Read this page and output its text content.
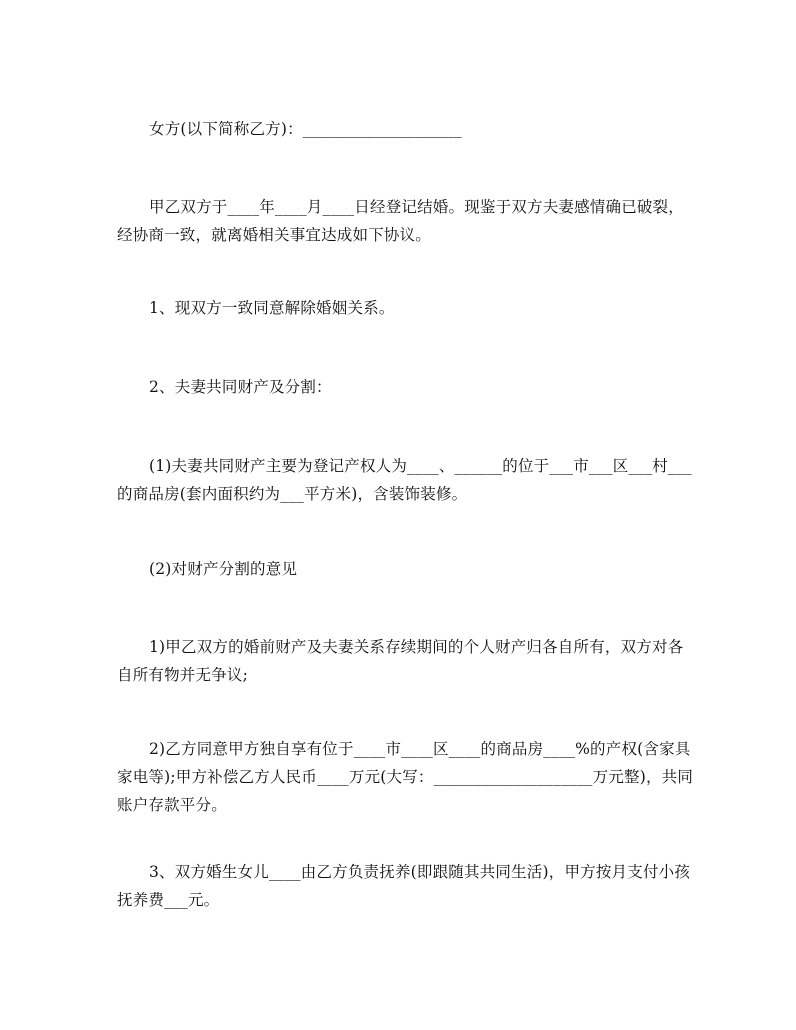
女方(以下简称乙方)：____________________
甲乙双方于____年____月____日经登记结婚。现鉴于双方夫妻感情确已破裂，经协商一致，就离婚相关事宜达成如下协议。
1、现双方一致同意解除婚姻关系。
2、夫妻共同财产及分割：
(1)夫妻共同财产主要为登记产权人为____、______的位于___市___区___村___的商品房(套内面积约为___平方米)，含装饰装修。
(2)对财产分割的意见
1)甲乙双方的婚前财产及夫妻关系存续期间的个人财产归各自所有，双方对各自所有物并无争议;
2)乙方同意甲方独自享有位于____市____区____的商品房____%的产权(含家具家电等);甲方补偿乙方人民币____万元(大写：____________________万元整)，共同账户存款平分。
3、双方婚生女儿____由乙方负责抚养(即跟随其共同生活)，甲方按月支付小孩抚养费___元。
